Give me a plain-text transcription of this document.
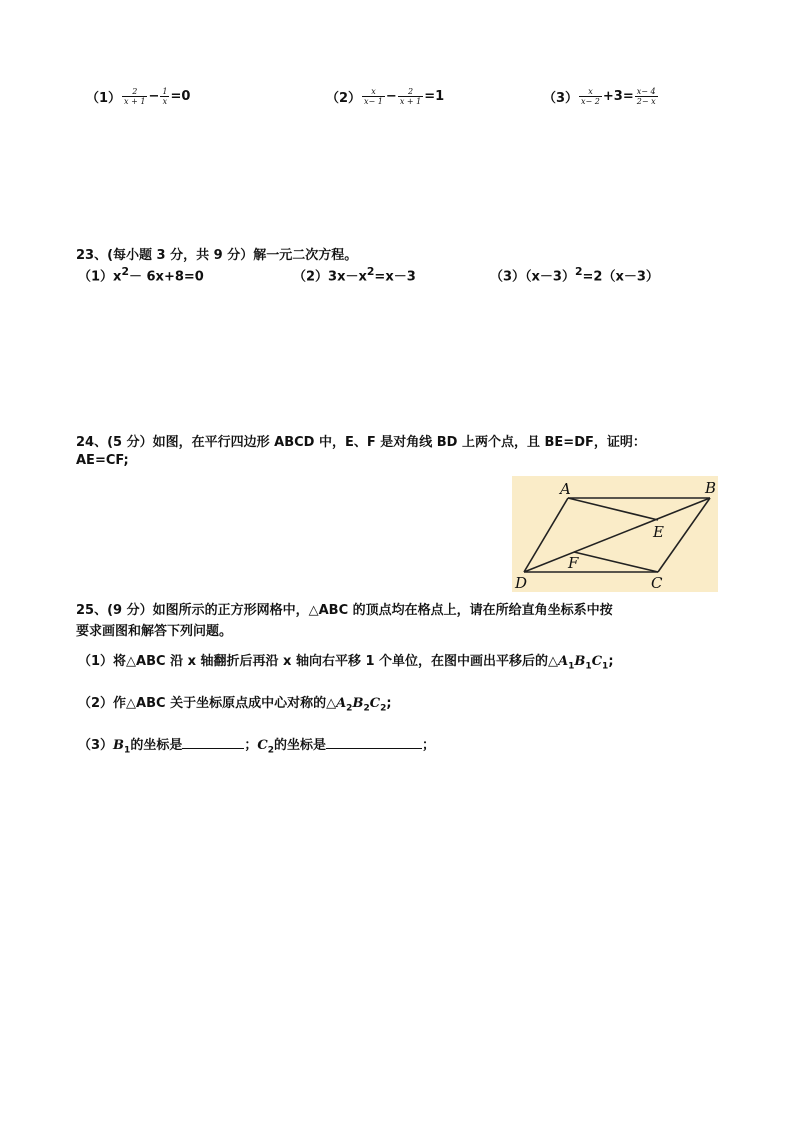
$(1) \frac{2}{x + 1} - \frac{1}{x} =0$	$(2) \frac{x}{x- 1} - \frac{2}{x + 1} =1$	$(3) \frac{x}{x- 2} +3= \frac{x- 4}{2- x}$
23、(每小题 3 分，共 9 分）解一元二次方程。
$(1)x^2- 6x+8=0$	$(2)3x-x^2=x-3$	$(3)(x-3)^2=2(x-3)$
24、(5 分）如图，在平行四边形 ABCD 中，E、F 是对角线 BD 上两个点，且 BE=DF，证明：
AE=CF;
A	B
C
D
E
F
25、(9 分）如图所示的正方形网格中，△ABC 的顶点均在格点上，请在所给直角坐标系中按
要求画图和解答下列问题。
（1）将△ABC 沿 x 轴翻折后再沿 x 轴向右平移 1 个单位，在图中画出平移后的$\triangle A_1B_1C_1$;
（2）作△ABC 关于坐标原点成中心对称的$\triangle A_2B_2C_2$;
$(3)B_1$的坐标是	；$C_2$的坐标是	；
